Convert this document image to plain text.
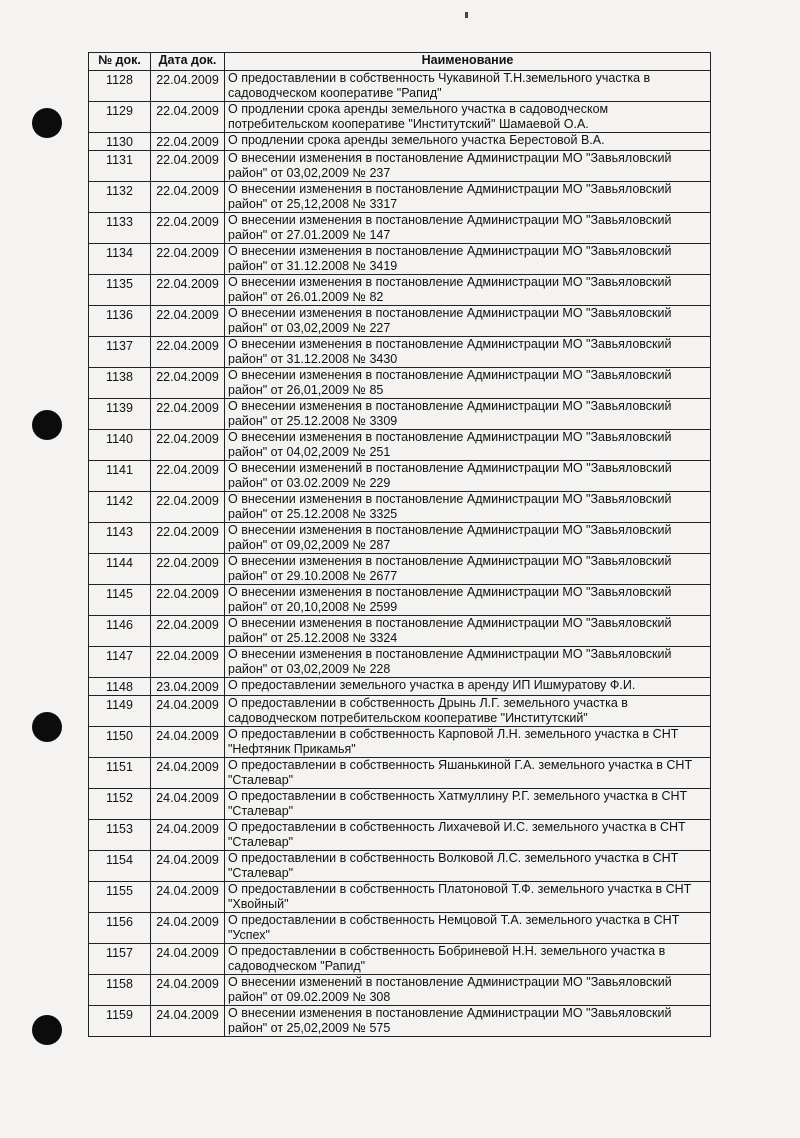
№ док.	Дата док.	Наименование
1128	22.04.2009	О предоставлении в собственность Чукавиной Т.Н.земельного участка в садоводческом кооперативе "Рапид"
1129	22.04.2009	О продлении срока аренды земельного участка в садоводческом потребительском кооперативе "Институтский" Шамаевой О.А.
1130	22.04.2009	О продлении срока аренды земельного участка Берестовой В.А.
1131	22.04.2009	О внесении изменения в постановление Администрации МО "Завьяловский район" от 03,02,2009 № 237
1132	22.04.2009	О внесении изменения в постановление Администрации МО "Завьяловский район" от 25,12,2008 № 3317
1133	22.04.2009	О внесении изменения в постановление Администрации МО "Завьяловский район" от 27.01.2009 № 147
1134	22.04.2009	О внесении изменения в постановление Администрации МО "Завьяловский район" от 31.12.2008 № 3419
1135	22.04.2009	О внесении изменения в постановление Администрации МО "Завьяловский район" от 26.01.2009 № 82
1136	22.04.2009	О внесении изменения в постановление Администрации МО "Завьяловский район" от 03,02,2009 № 227
1137	22.04.2009	О внесении изменения в постановление Администрации МО "Завьяловский район" от 31.12.2008 № 3430
1138	22.04.2009	О внесении изменения в постановление Администрации МО "Завьяловский район" от 26,01,2009 № 85
1139	22.04.2009	О внесении изменения в постановление Администрации МО "Завьяловский район" от 25.12.2008 № 3309
1140	22.04.2009	О внесении изменения в постановление Администрации МО "Завьяловский район" от 04,02,2009 № 251
1141	22.04.2009	О внесении изменений в постановление Администрации МО "Завьяловский район" от 03.02.2009 № 229
1142	22.04.2009	О внесении изменения в постановление Администрации МО "Завьяловский район" от 25.12.2008 № 3325
1143	22.04.2009	О внесении изменения в постановление Администрации МО "Завьяловский район" от 09,02,2009 № 287
1144	22.04.2009	О внесении изменения в постановление Администрации МО "Завьяловский район" от 29.10.2008 № 2677
1145	22.04.2009	О внесении изменения в постановление Администрации МО "Завьяловский район" от 20,10,2008 № 2599
1146	22.04.2009	О внесении изменения в постановление Администрации МО "Завьяловский район" от 25.12.2008 № 3324
1147	22.04.2009	О внесении изменения в постановление Администрации МО "Завьяловский район" от 03,02,2009 № 228
1148	23.04.2009	О предоставлении земельного участка в аренду ИП Ишмуратову Ф.И.
1149	24.04.2009	О предоставлении в собственность Дрынь Л.Г. земельного участка в садоводческом потребительском кооперативе "Институтский"
1150	24.04.2009	О предоставлении в собственность Карповой Л.Н. земельного участка в СНТ "Нефтяник Прикамья"
1151	24.04.2009	О предоставлении в собственность Яшанькиной Г.А. земельного участка в СНТ "Сталевар"
1152	24.04.2009	О предоставлении в собственность Хатмуллину Р.Г. земельного участка в СНТ "Сталевар"
1153	24.04.2009	О предоставлении в собственность Лихачевой И.С. земельного участка в СНТ "Сталевар"
1154	24.04.2009	О предоставлении в собственность Волковой Л.С. земельного участка в СНТ "Сталевар"
1155	24.04.2009	О предоставлении в собственность Платоновой Т.Ф. земельного участка в СНТ "Хвойный"
1156	24.04.2009	О предоставлении в собственность Немцовой Т.А. земельного участка в СНТ "Успех"
1157	24.04.2009	О предоставлении в собственность Бобриневой Н.Н. земельного участка в садоводческом "Рапид"
1158	24.04.2009	О внесении изменений в постановление Администрации МО "Завьяловский район" от 09.02.2009 № 308
1159	24.04.2009	О внесении изменения в постановление Администрации МО "Завьяловский район" от 25,02,2009 № 575
